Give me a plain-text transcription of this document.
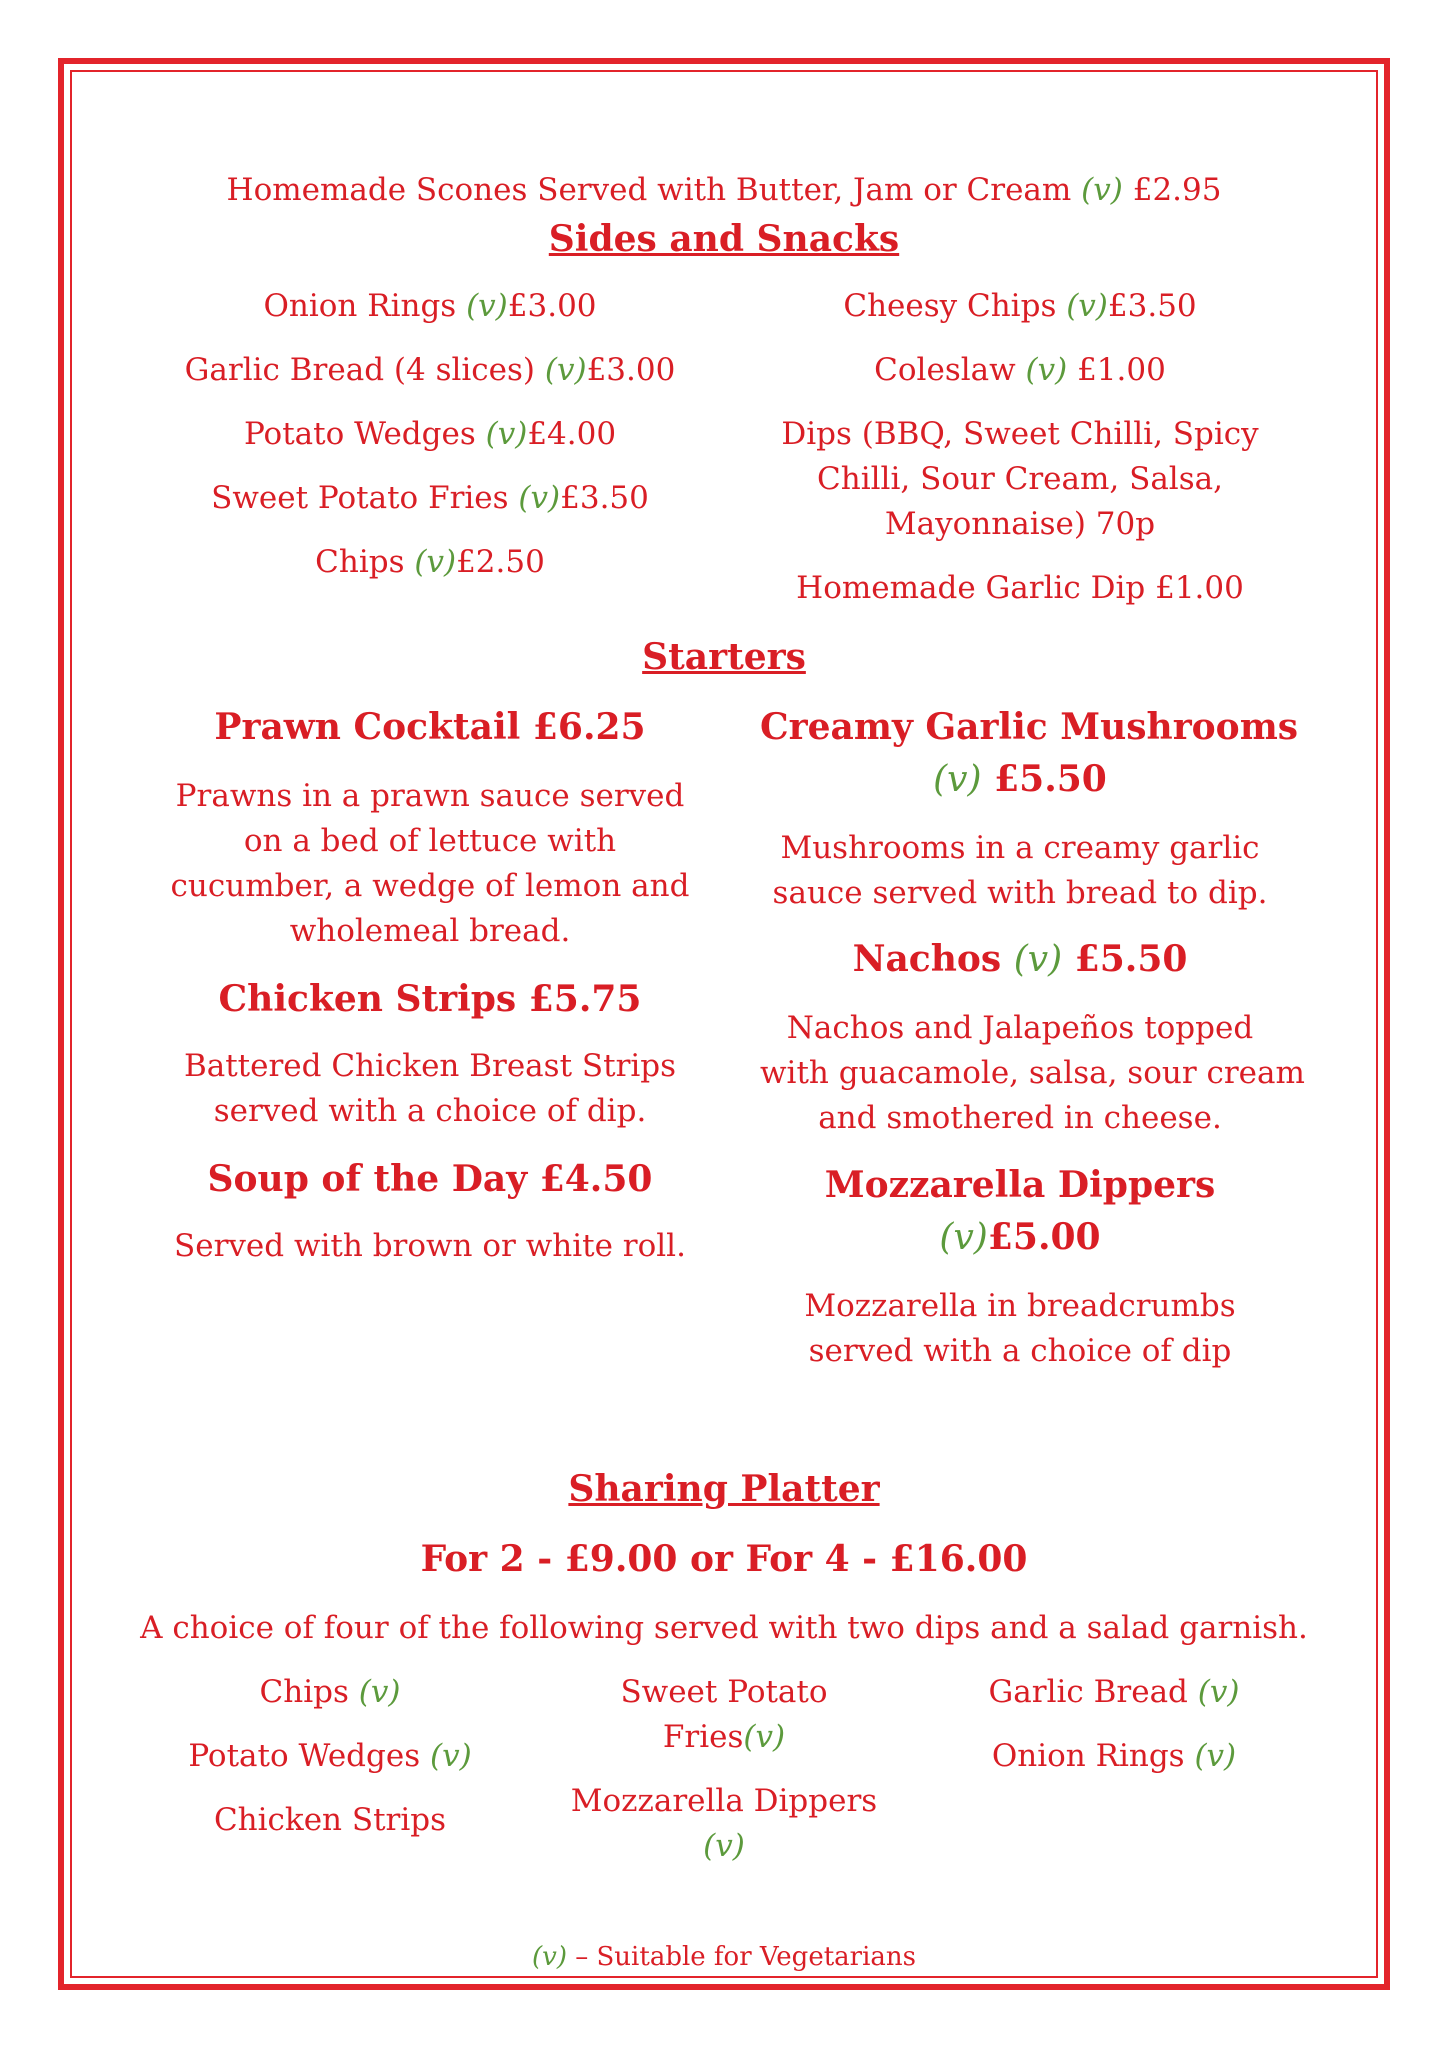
Homemade Scones Served with Butter, Jam or Cream (v) £2.95
Sides and Snacks
Onion Rings (v)£3.00
Garlic Bread (4 slices) (v)£3.00
Potato Wedges (v)£4.00
Sweet Potato Fries (v)£3.50
Chips (v)£2.50
Cheesy Chips (v)£3.50
Coleslaw (v) £1.00
Dips (BBQ, Sweet Chilli, Spicy
Chilli, Sour Cream, Salsa,
Mayonnaise) 70p
Homemade Garlic Dip £1.00
Starters
Prawn Cocktail £6.25
Prawns in a prawn sauce served
on a bed of lettuce with
cucumber, a wedge of lemon and
wholemeal bread.
Chicken Strips £5.75
Battered Chicken Breast Strips
served with a choice of dip.
Soup of the Day £4.50
Served with brown or white roll.
Creamy Garlic Mushrooms
(v) £5.50
Mushrooms in a creamy garlic
sauce served with bread to dip.
Nachos (v) £5.50
Nachos and Jalapeños topped
with guacamole, salsa, sour cream
and smothered in cheese.
Mozzarella Dippers
(v)£5.00
Mozzarella in breadcrumbs
served with a choice of dip
Sharing Platter
For 2 - £9.00 or For 4 - £16.00
A choice of four of the following served with two dips and a salad garnish.
Chips (v)
Potato Wedges (v)
Chicken Strips
Sweet Potato
Fries(v)
Mozzarella Dippers
(v)
Garlic Bread (v)
Onion Rings (v)
(v) – Suitable for Vegetarians
